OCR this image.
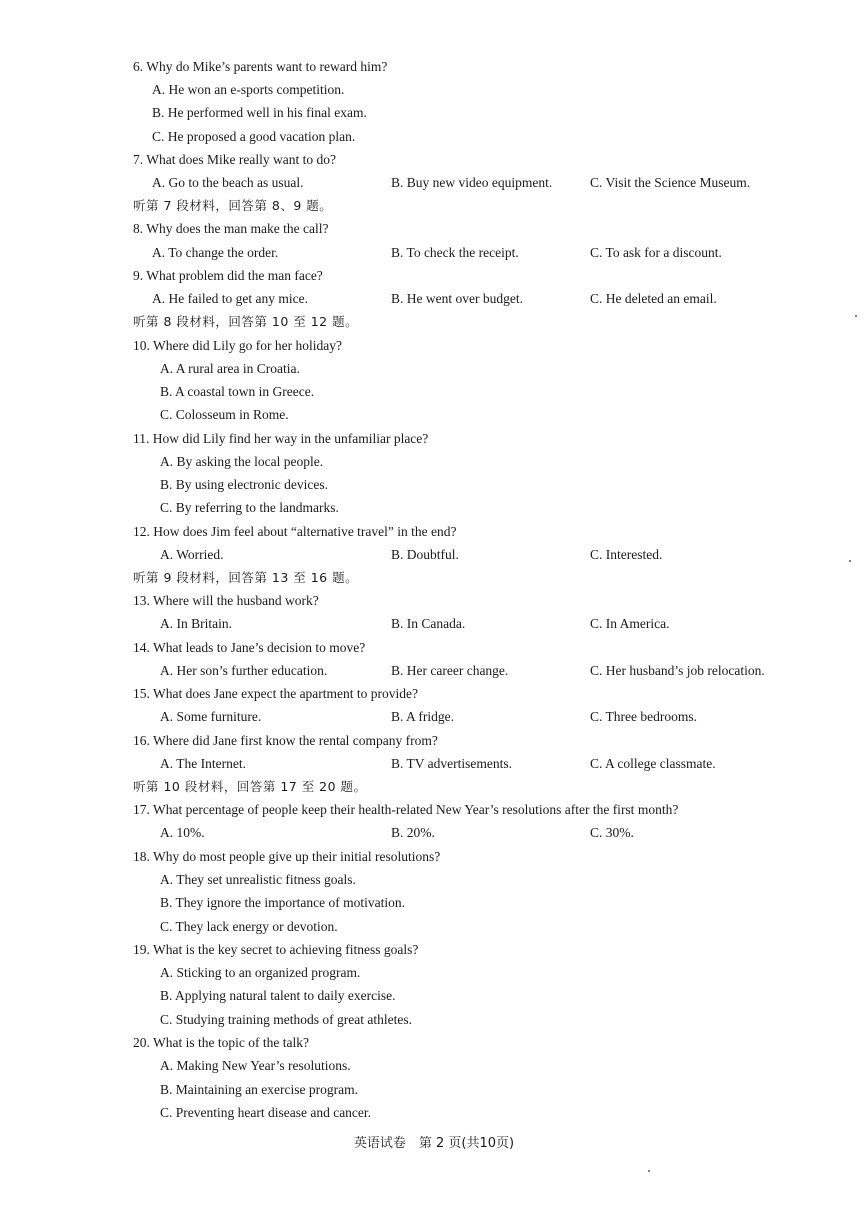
6. Why do Mike’s parents want to reward him?
A. He won an e-sports competition.
B. He performed well in his final exam.
C. He proposed a good vacation plan.
7. What does Mike really want to do?
A. Go to the beach as usual.	B. Buy new video equipment.	C. Visit the Science Museum.
听第 7 段材料，回答第 8、9 题。
8. Why does the man make the call?
A. To change the order.	B. To check the receipt.	C. To ask for a discount.
9. What problem did the man face?
A. He failed to get any mice.	B. He went over budget.	C. He deleted an email.
听第 8 段材料，回答第 10 至 12 题。
10. Where did Lily go for her holiday?
A. A rural area in Croatia.
B. A coastal town in Greece.
C. Colosseum in Rome.
11. How did Lily find her way in the unfamiliar place?
A. By asking the local people.
B. By using electronic devices.
C. By referring to the landmarks.
12. How does Jim feel about “alternative travel” in the end?
A. Worried.	B. Doubtful.	C. Interested.
听第 9 段材料，回答第 13 至 16 题。
13. Where will the husband work?
A. In Britain.	B. In Canada.	C. In America.
14. What leads to Jane’s decision to move?
A. Her son’s further education.	B. Her career change.	C. Her husband’s job relocation.
15. What does Jane expect the apartment to provide?
A. Some furniture.	B. A fridge.	C. Three bedrooms.
16. Where did Jane first know the rental company from?
A. The Internet.	B. TV advertisements.	C. A college classmate.
听第 10 段材料，回答第 17 至 20 题。
17. What percentage of people keep their health-related New Year’s resolutions after the first month?
A. 10%.	B. 20%.	C. 30%.
18. Why do most people give up their initial resolutions?
A. They set unrealistic fitness goals.
B. They ignore the importance of motivation.
C. They lack energy or devotion.
19. What is the key secret to achieving fitness goals?
A. Sticking to an organized program.
B. Applying natural talent to daily exercise.
C. Studying training methods of great athletes.
20. What is the topic of the talk?
A. Making New Year’s resolutions.
B. Maintaining an exercise program.
C. Preventing heart disease and cancer.
英语试卷　第 2 页(共10页)
